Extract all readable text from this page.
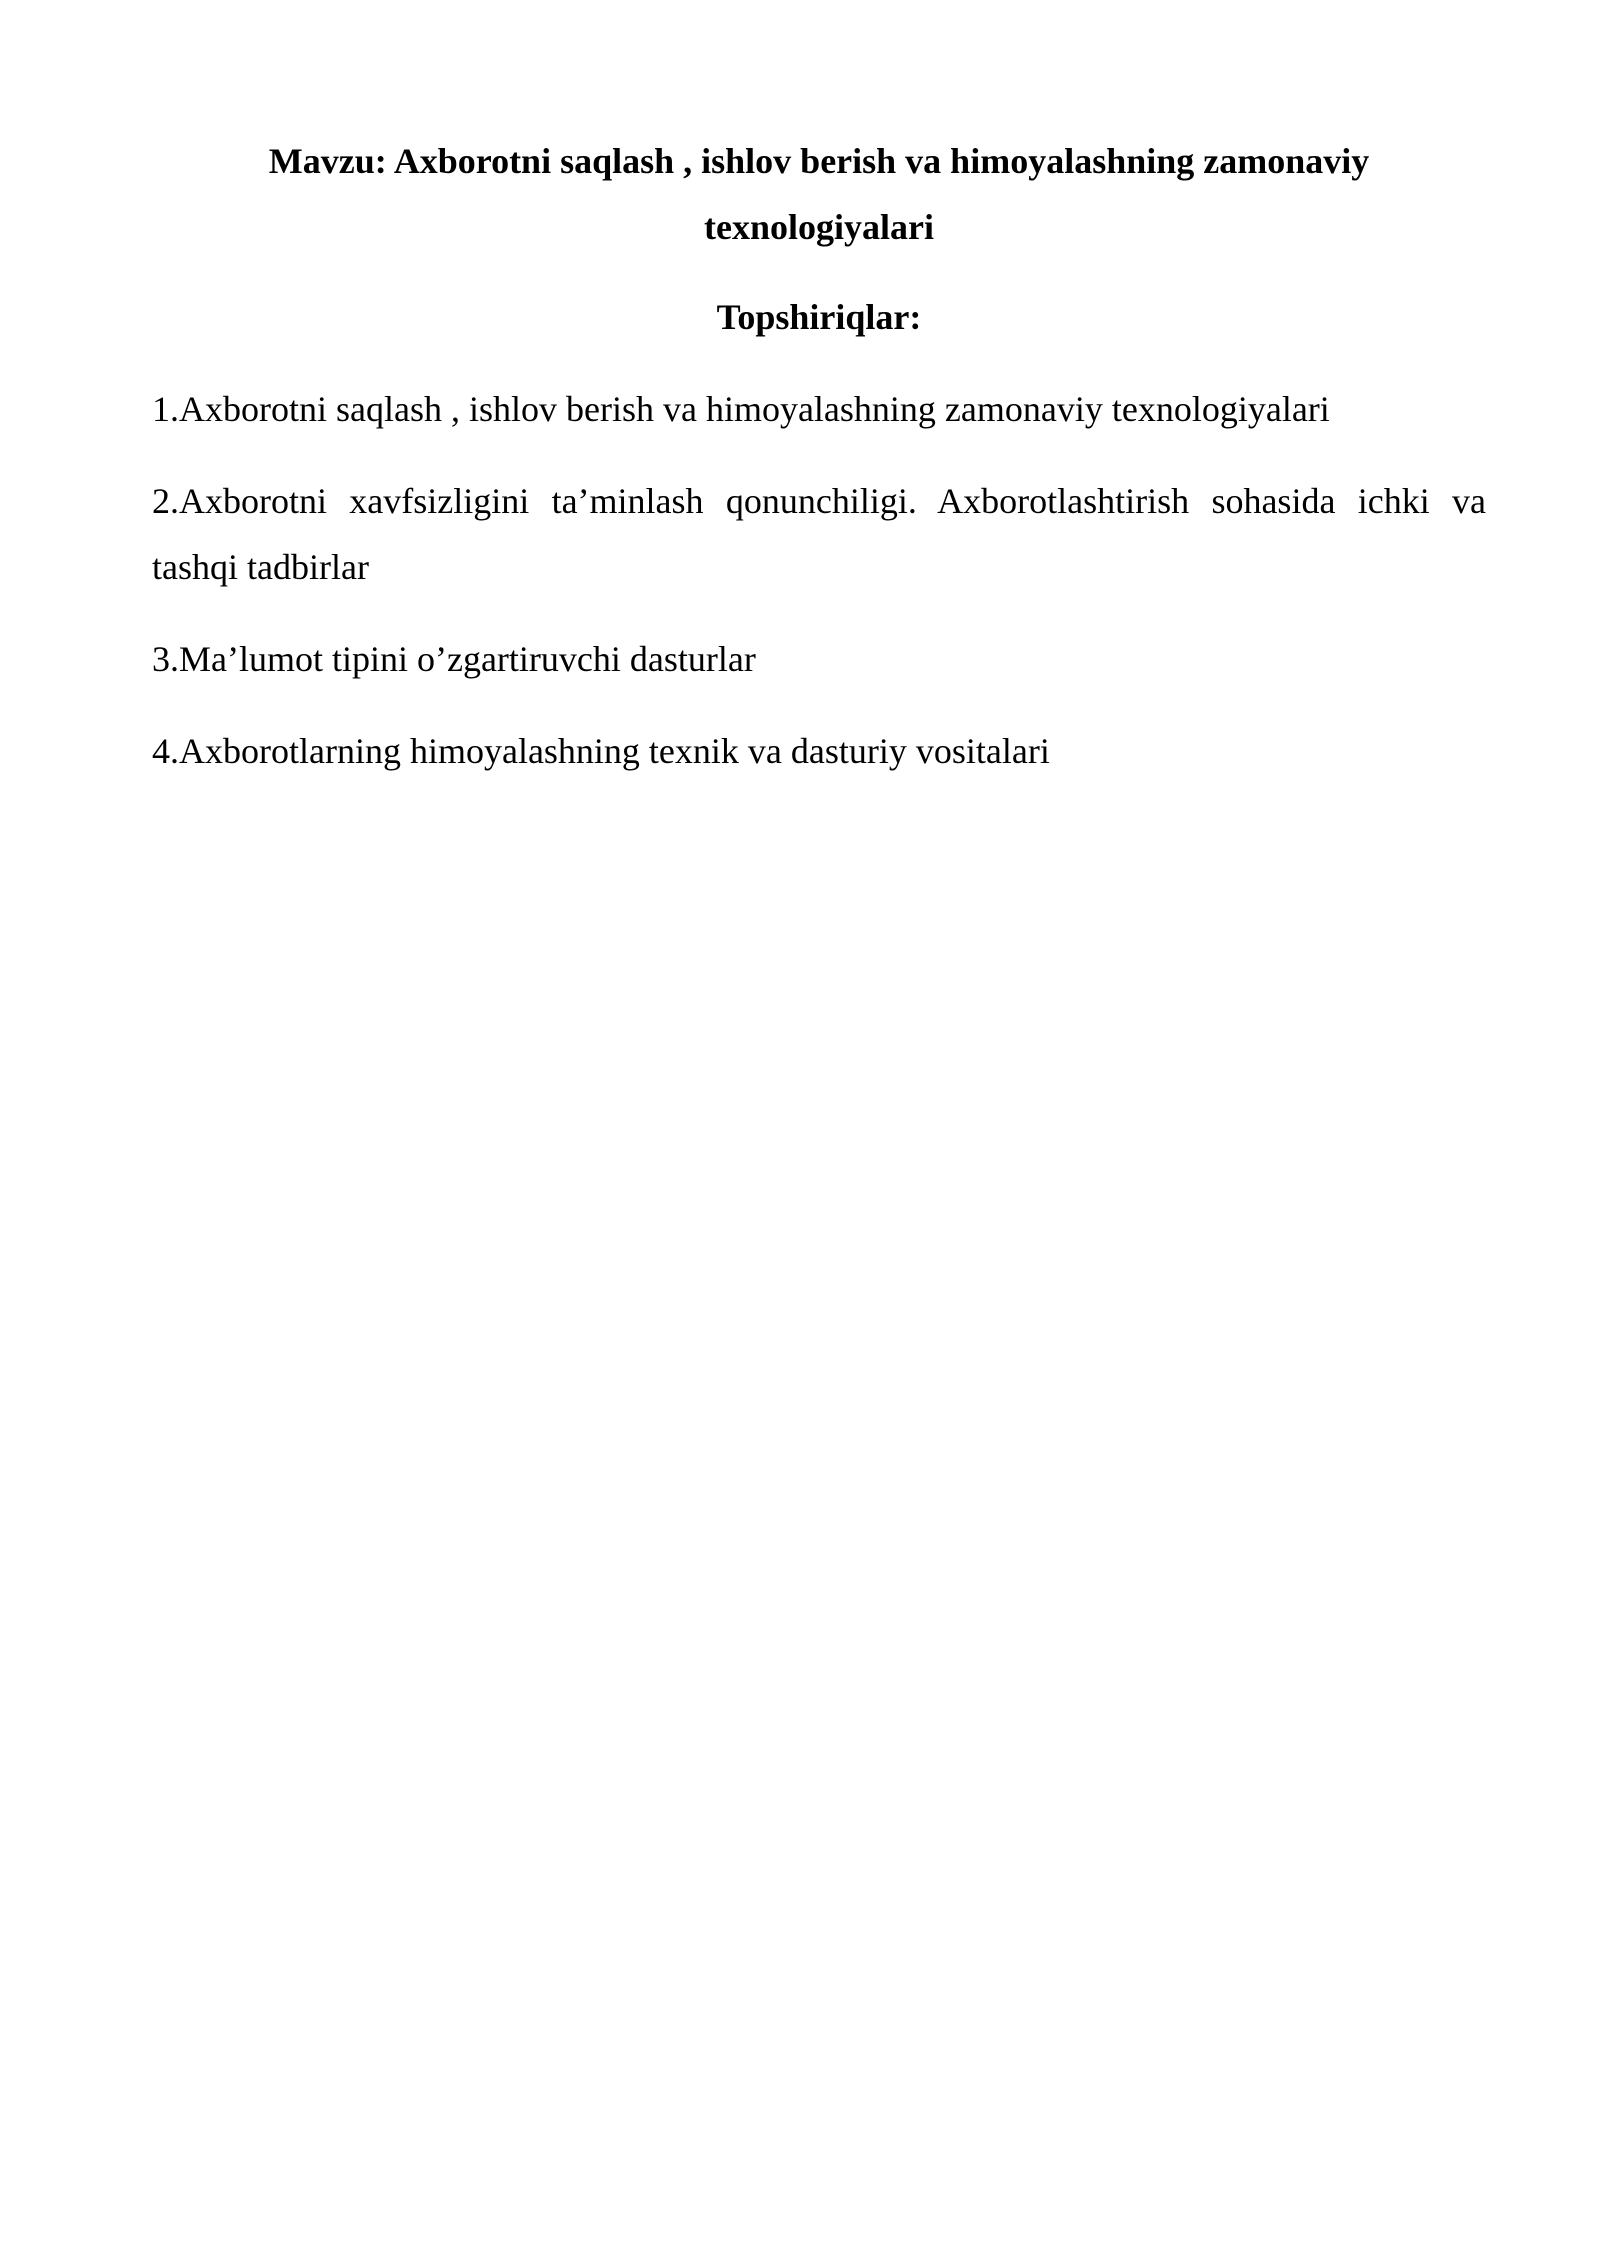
Mavzu: Axborotni saqlash , ishlov berish va himoyalashning zamonaviy texnologiyalari
Topshiriqlar:
1.Axborotni saqlash , ishlov berish va himoyalashning zamonaviy texnologiyalari
2.Axborotni xavfsizligini ta’minlash qonunchiligi. Axborotlashtirish sohasida ichki va tashqi tadbirlar
3.Ma’lumot tipini o’zgartiruvchi dasturlar
4.Axborotlarning himoyalashning texnik va dasturiy vositalari
